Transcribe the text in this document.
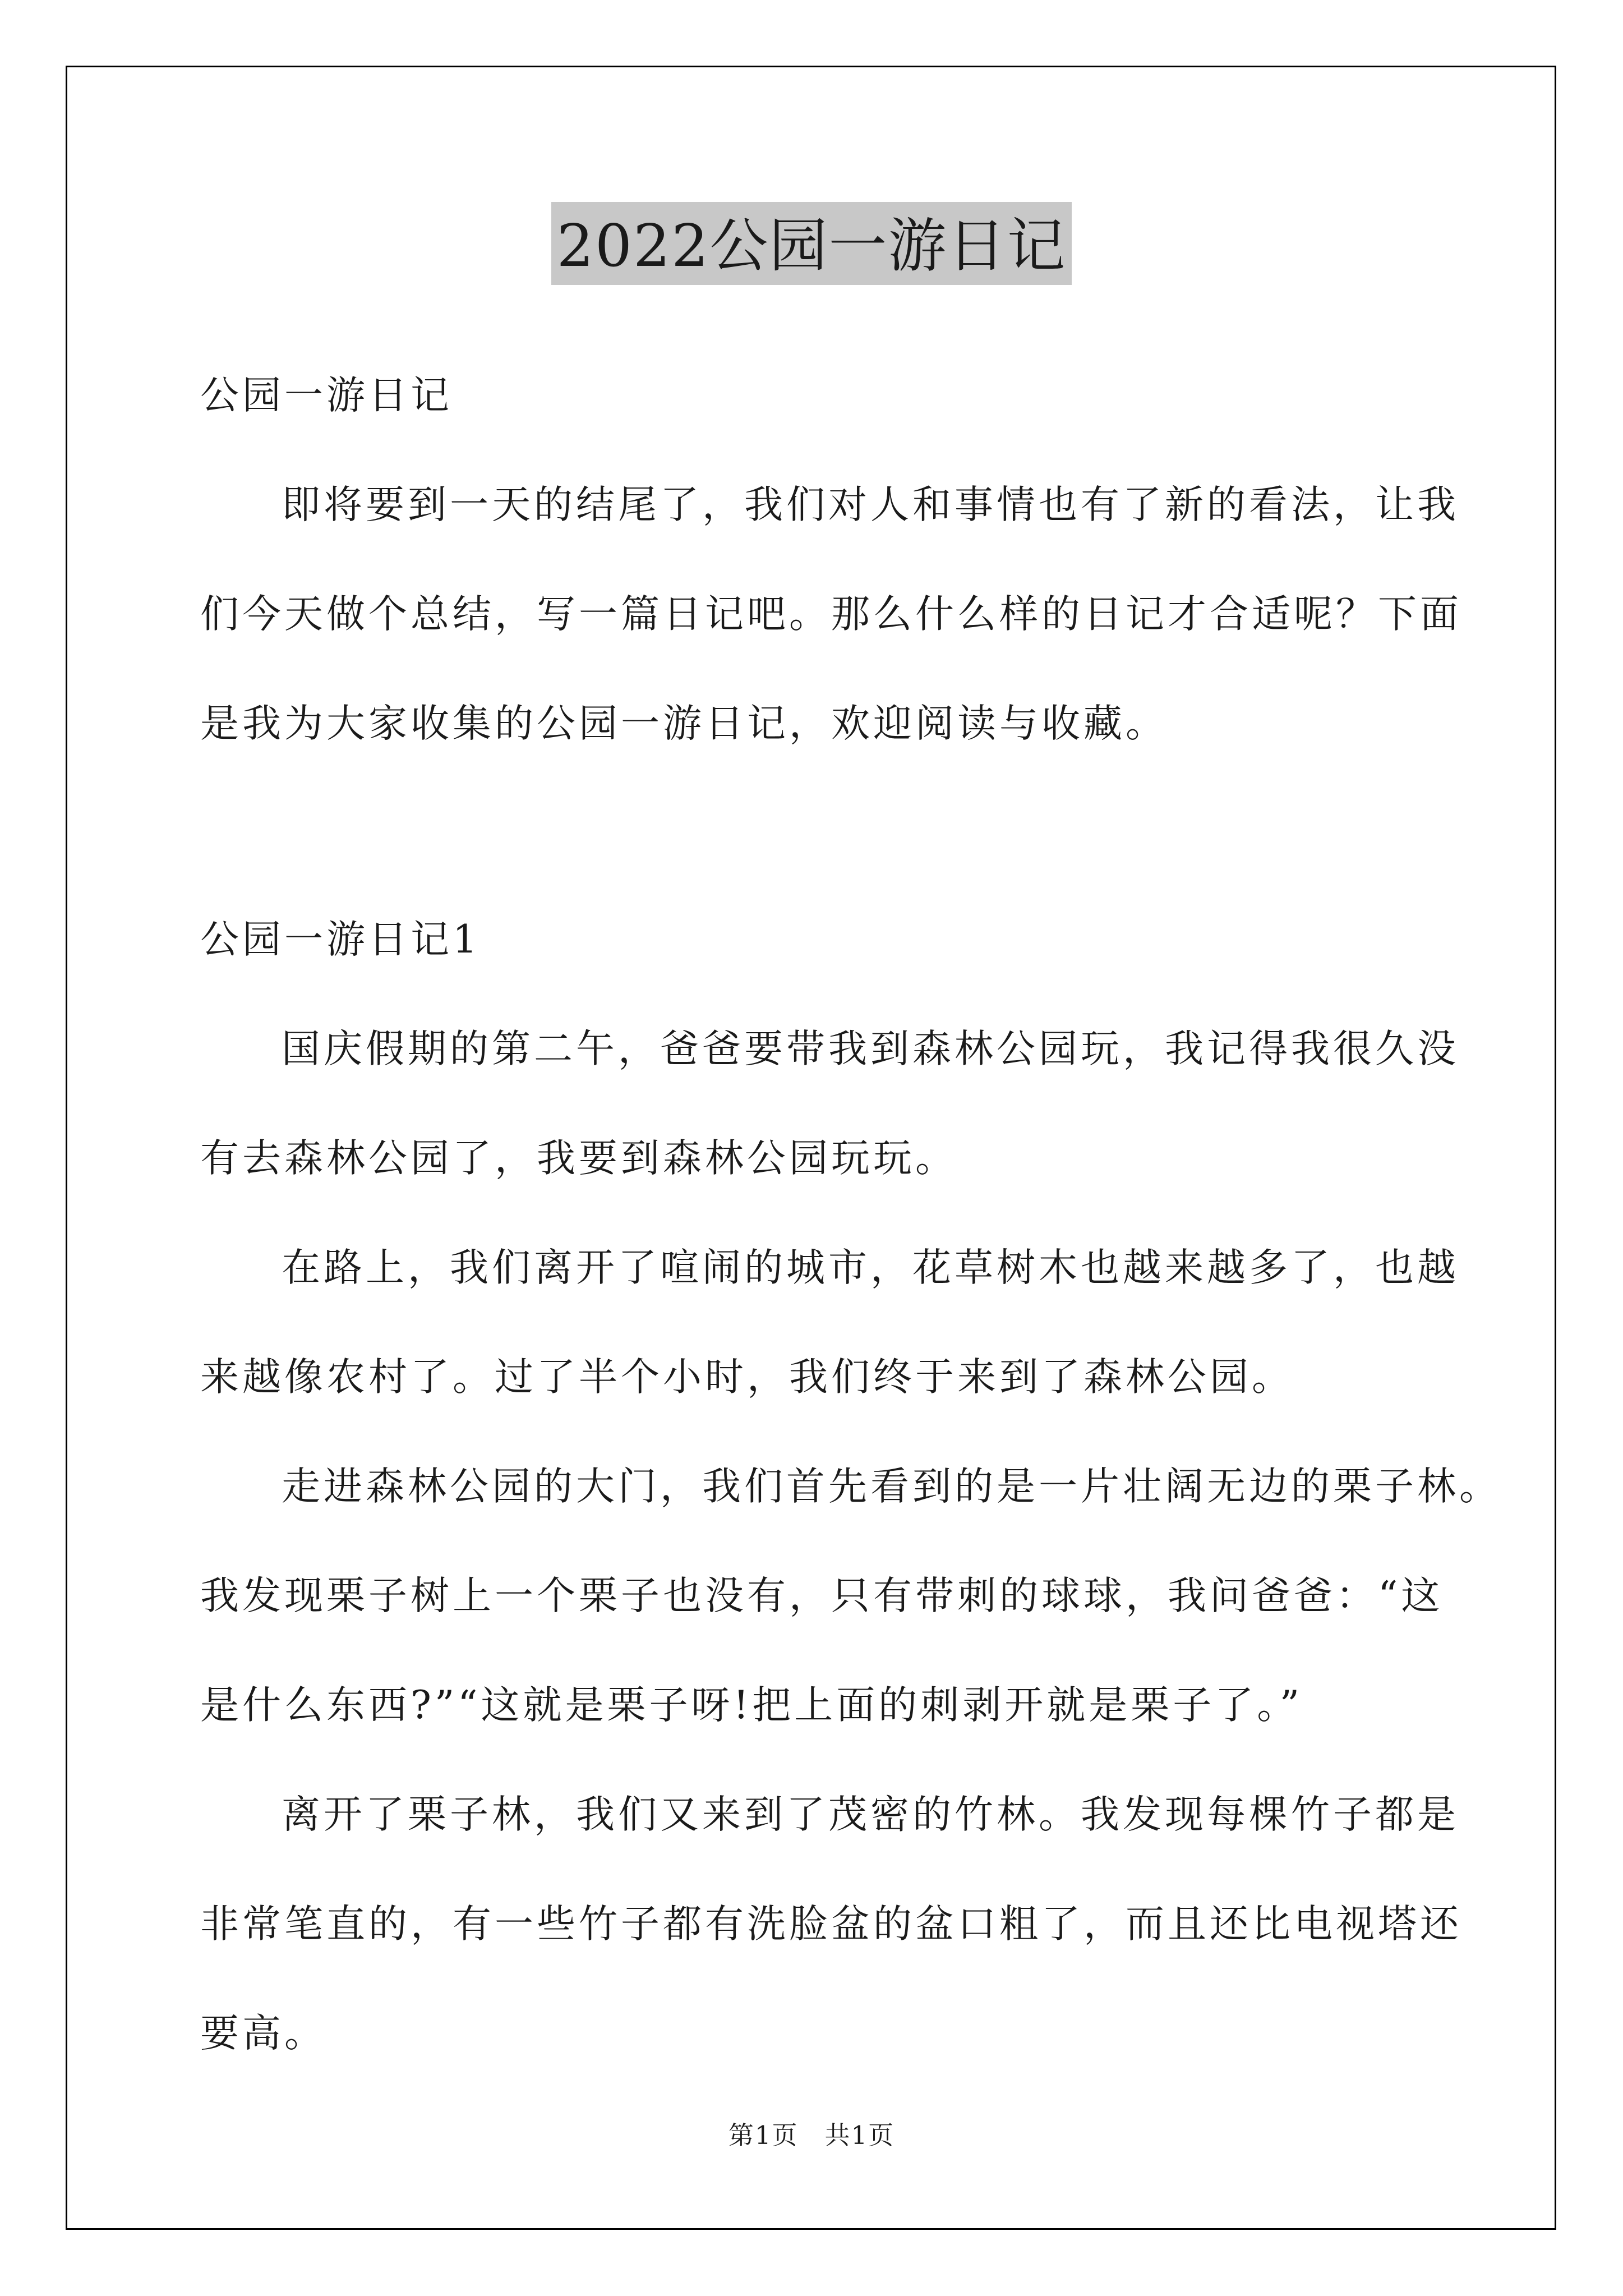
2022公园一游日记
公园一游日记
即将要到一天的结尾了，我们对人和事情也有了新的看法，让我
们今天做个总结，写一篇日记吧。那么什么样的日记才合适呢？下面
是我为大家收集的公园一游日记，欢迎阅读与收藏。
公园一游日记1
国庆假期的第二午，爸爸要带我到森林公园玩，我记得我很久没
有去森林公园了，我要到森林公园玩玩。
在路上，我们离开了喧闹的城市，花草树木也越来越多了，也越
来越像农村了。过了半个小时，我们终于来到了森林公园。
走进森林公园的大门，我们首先看到的是一片壮阔无边的栗子林。
我发现栗子树上一个栗子也没有，只有带刺的球球，我问爸爸：“这
是什么东西?”“这就是栗子呀!把上面的刺剥开就是栗子了。”
离开了栗子林，我们又来到了茂密的竹林。我发现每棵竹子都是
非常笔直的，有一些竹子都有洗脸盆的盆口粗了，而且还比电视塔还
要高。
第1页　共1页
